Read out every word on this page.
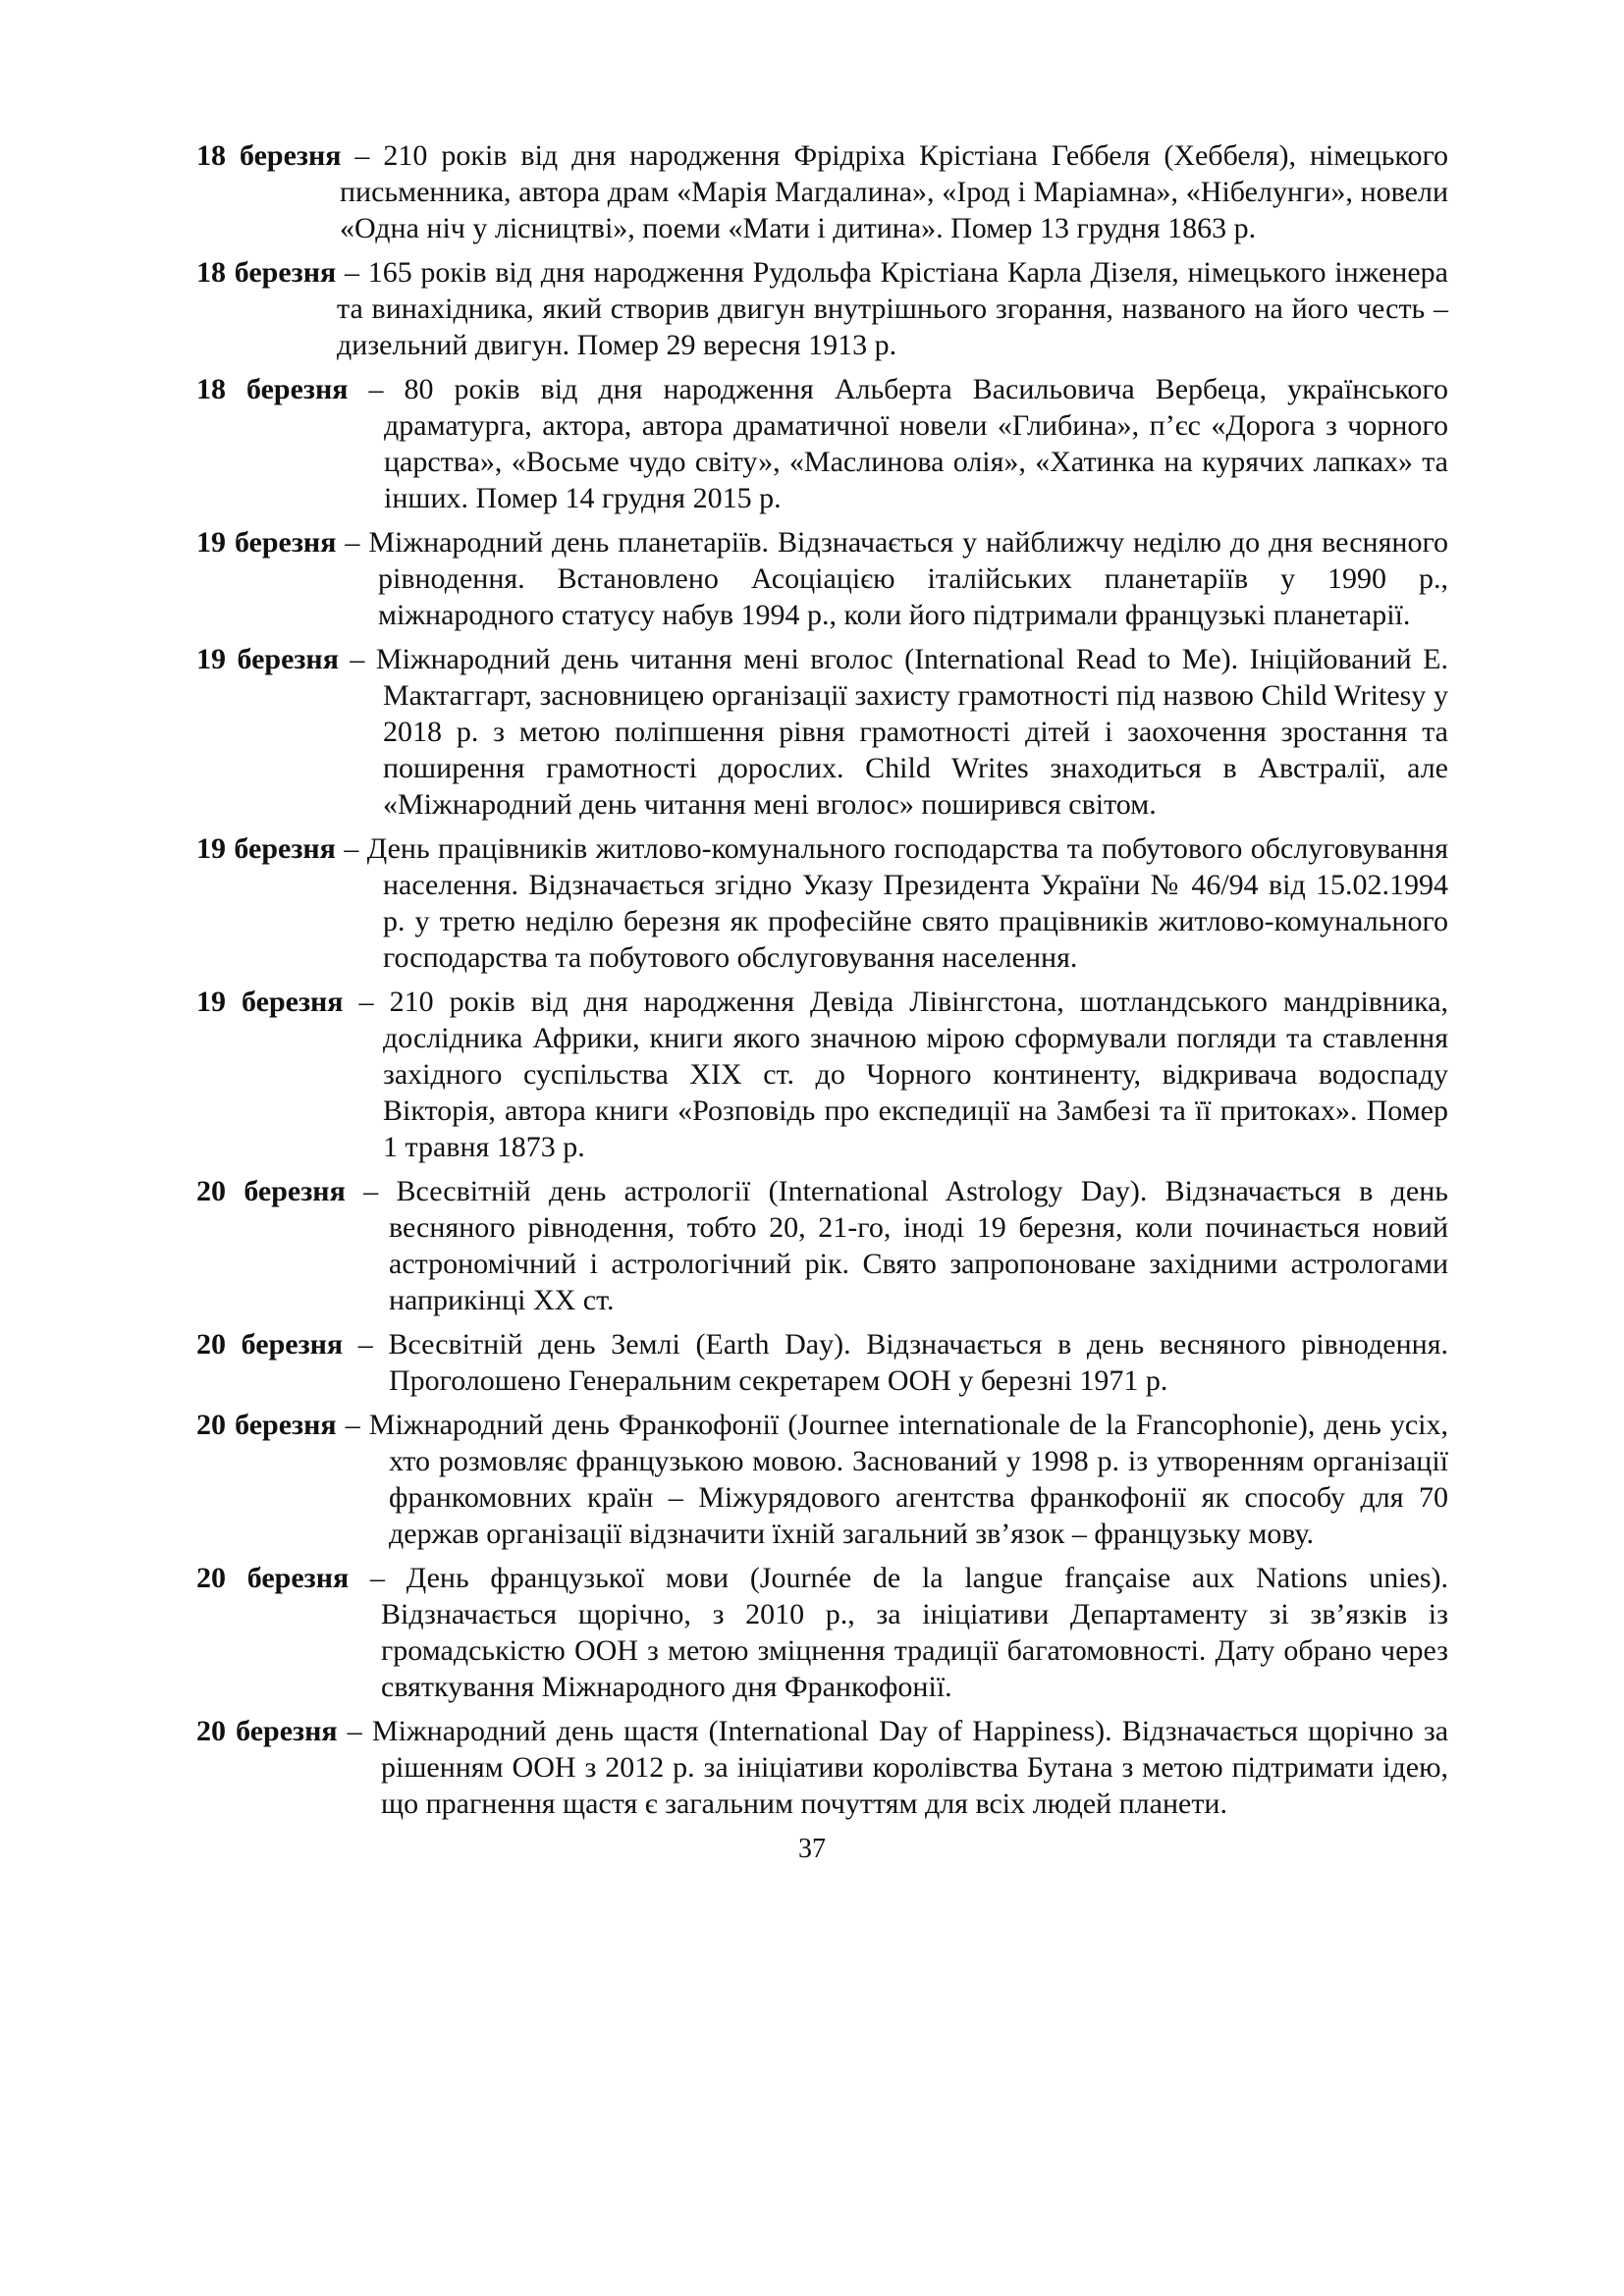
18 березня – 210 років від дня народження Фрідріха Крістіана Геббеля (Хеббеля), німецького письменника, автора драм «Марія Магдалина», «Ірод і Маріамна», «Нібелунги», новели «Одна ніч у лісництві», поеми «Мати і дитина». Помер 13 грудня 1863 р.

18 березня – 165 років від дня народження Рудольфа Крістіана Карла Дізеля, німецького інженера та винахідника, який створив двигун внутрішнього згорання, названого на його честь – дизельний двигун. Помер 29 вересня 1913 р.

18 березня – 80 років від дня народження Альберта Васильовича Вербеца, українського драматурга, актора, автора драматичної новели «Глибина», п’єс «Дорога з чорного царства», «Восьме чудо світу», «Маслинова олія», «Хатинка на курячих лапках» та інших. Помер 14 грудня 2015 р.

19 березня – Міжнародний день планетаріїв. Відзначається у найближчу неділю до дня весняного рівнодення. Встановлено Асоціацією італійських планетаріїв у 1990 р., міжнародного статусу набув 1994 р., коли його підтримали французькі планетарії.

19 березня – Міжнародний день читання мені вголос (International Read to Me). Ініційований Е. Мактаггарт, засновницею організації захисту грамотності під назвою Child Writesy у 2018 р. з метою поліпшення рівня грамотності дітей і заохочення зростання та поширення грамотності дорослих. Child Writes знаходиться в Австралії, але «Міжнародний день читання мені вголос» поширився світом.

19 березня – День працівників житлово-комунального господарства та побутового обслуговування населення. Відзначається згідно Указу Президента України № 46/94 від 15.02.1994 р. у третю неділю березня як професійне свято працівників житлово-комунального господарства та побутового обслуговування населення.

19 березня – 210 років від дня народження Девіда Лівінгстона, шотландського мандрівника, дослідника Африки, книги якого значною мірою сформували погляди та ставлення західного суспільства XIX ст. до Чорного континенту, відкривача водоспаду Вікторія, автора книги «Розповідь про експедиції на Замбезі та її притоках». Помер 1 травня 1873 р.

20 березня – Всесвітній день астрології (International Astrology Day). Відзначається в день весняного рівнодення, тобто 20, 21-го, іноді 19 березня, коли починається новий астрономічний і астрологічний рік. Свято запропоноване західними астрологами наприкінці XX ст.

20 березня – Всесвітній день Землі (Earth Day). Відзначається в день весняного рівнодення. Проголошено Генеральним секретарем ООН у березні 1971 р.

20 березня – Міжнародний день Франкофонії (Journee internationale de la Francophonie), день усіх, хто розмовляє французькою мовою. Заснований у 1998 р. із утворенням організації франкомовних країн – Міжурядового агентства франкофонії як способу для 70 держав організації відзначити їхній загальний зв’язок – французьку мову.

20 березня – День французької мови (Journée de la langue française aux Nations unies). Відзначається щорічно, з 2010 р., за ініціативи Департаменту зі зв’язків із громадськістю ООН з метою зміцнення традиції багатомовності. Дату обрано через святкування Міжнародного дня Франкофонії.

20 березня – Міжнародний день щастя (International Day of Happiness). Відзначається щорічно за рішенням ООН з 2012 р. за ініціативи королівства Бутана з метою підтримати ідею, що прагнення щастя є загальним почуттям для всіх людей планети.

37
